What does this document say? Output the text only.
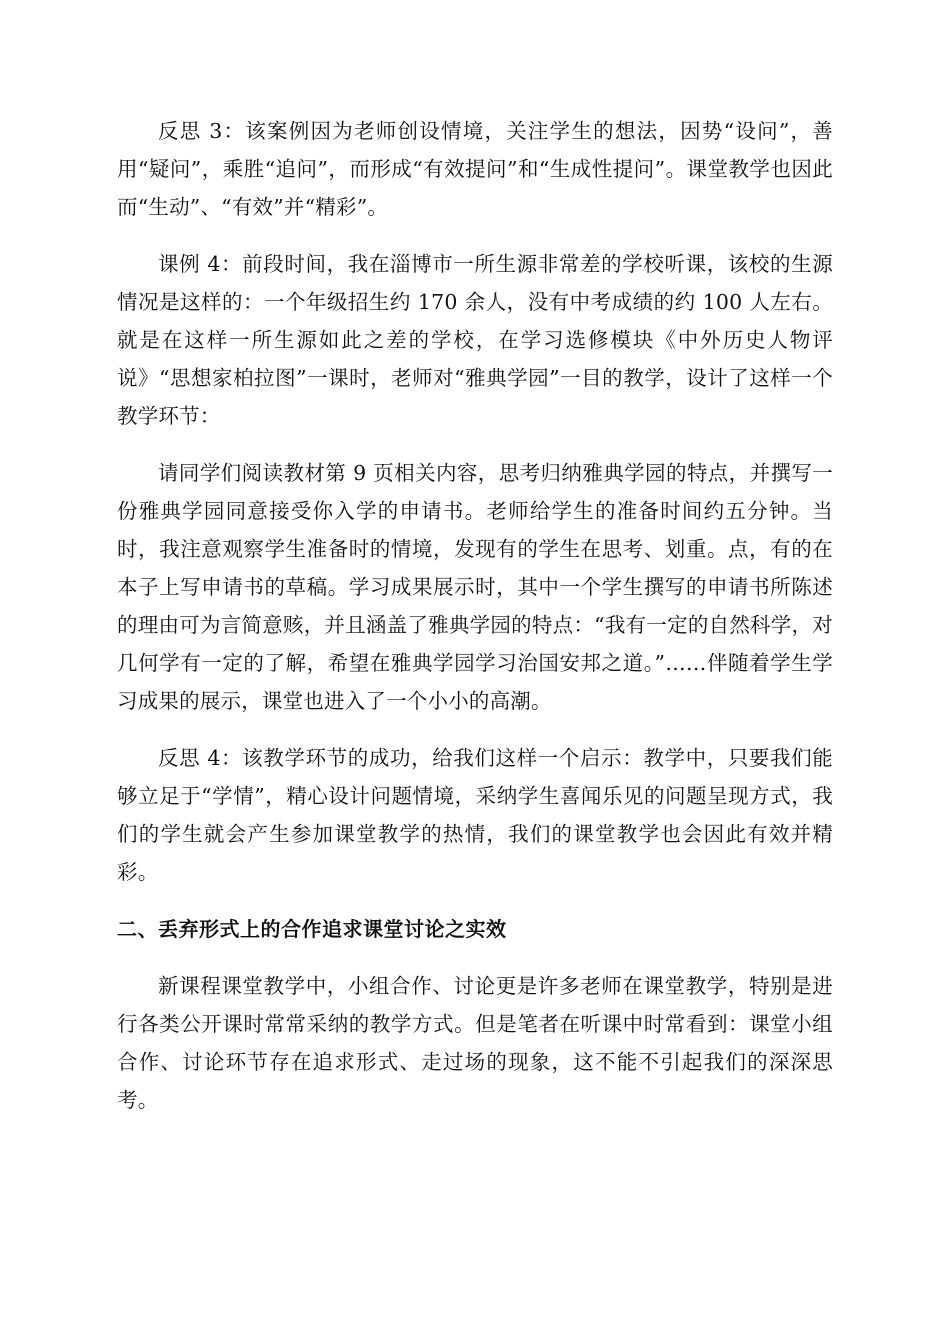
反思 3：该案例因为老师创设情境，关注学生的想法，因势“设问”，善用“疑问”，乘胜“追问”，而形成“有效提问”和“生成性提问”。课堂教学也因此而“生动”、“有效”并“精彩”。

课例 4：前段时间，我在淄博市一所生源非常差的学校听课，该校的生源情况是这样的：一个年级招生约 170 余人，没有中考成绩的约 100 人左右。就是在这样一所生源如此之差的学校，在学习选修模块《中外历史人物评说》“思想家柏拉图”一课时，老师对“雅典学园”一目的教学，设计了这样一个教学环节：

请同学们阅读教材第 9 页相关内容，思考归纳雅典学园的特点，并撰写一份雅典学园同意接受你入学的申请书。老师给学生的准备时间约五分钟。当时，我注意观察学生准备时的情境，发现有的学生在思考、划重。点，有的在本子上写申请书的草稿。学习成果展示时，其中一个学生撰写的申请书所陈述的理由可为言简意赅，并且涵盖了雅典学园的特点：“我有一定的自然科学，对几何学有一定的了解，希望在雅典学园学习治国安邦之道。”……伴随着学生学习成果的展示，课堂也进入了一个小小的高潮。

反思 4：该教学环节的成功，给我们这样一个启示：教学中，只要我们能够立足于“学情”，精心设计问题情境，采纳学生喜闻乐见的问题呈现方式，我们的学生就会产生参加课堂教学的热情，我们的课堂教学也会因此有效并精彩。

二、丢弃形式上的合作追求课堂讨论之实效

新课程课堂教学中，小组合作、讨论更是许多老师在课堂教学，特别是进行各类公开课时常常采纳的教学方式。但是笔者在听课中时常看到：课堂小组合作、讨论环节存在追求形式、走过场的现象，这不能不引起我们的深深思考。
